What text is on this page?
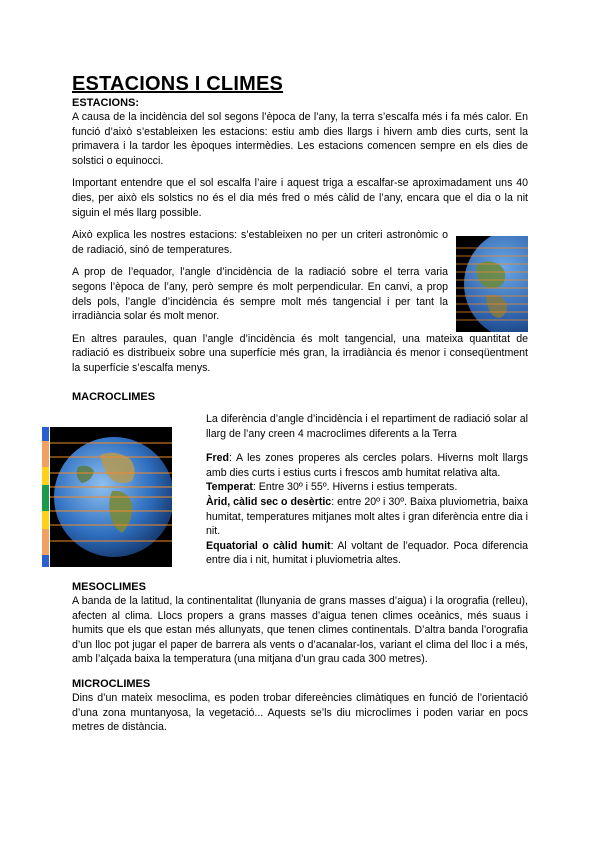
ESTACIONS I CLIMES
ESTACIONS:

A causa de la incidència del sol segons l’època de l’any, la terra s’escalfa més i fa més calor. En funció d’això s’estableixen les estacions: estiu amb dies llargs i hivern amb dies curts, sent la primavera i la tardor les èpoques intermèdies. Les estacions comencen sempre en els dies de solstici o equinocci.

Important entendre que el sol escalfa l’aire i aquest triga a escalfar-se aproximadament uns 40 dies, per això els solstics no és el dia més fred o més càlid de l’any, encara que el dia o la nit siguin el més llarg possible.

Això explica les nostres estacions: s’estableixen no per un criteri astronòmic o de radiació, sinó de temperatures.

A prop de l’equador, l’angle d’incidència de la radiació sobre el terra varia segons l’època de l’any, però sempre és molt perpendicular. En canvi, a prop dels pols, l’angle d’incidència és sempre molt més tangencial i per tant la irradiància solar és molt menor.

En altres paraules, quan l’angle d’incidència és molt tangencial, una mateixa quantitat de radiació es distribueix sobre una superfície més gran, la irradiància és menor i conseqüentment la superfície s’escalfa menys.

MACROCLIMES

La diferència d’angle d’incidència i el repartiment de radiació solar al llarg de l’any creen 4 macroclimes diferents a la Terra

Fred: A les zones properes als cercles polars. Hiverns molt llargs amb dies curts i estius curts i frescos amb humitat relativa alta.

Temperat: Entre 30º i 55º. Hiverns i estius temperats.

Àrid, càlid sec o desèrtic: entre 20º i 30º. Baixa pluviometria, baixa humitat, temperatures mitjanes molt altes i gran diferència entre dia i nit.

Equatorial o càlid humit: Al voltant de l’equador. Poca diferencia entre dia i nit, humitat i pluviometria altes.

MESOCLIMES

A banda de la latitud, la continentalitat (llunyania de grans masses d’aigua) i la orografia (relleu), afecten al clima. Llocs propers a grans masses d’aigua tenen climes oceànics, més suaus i humits que els que estan més allunyats, que tenen climes continentals. D’altra banda l’orografia d’un lloc pot jugar el paper de barrera als vents o d’acanalar-los, variant el clima del lloc i a més, amb l’alçada baixa la temperatura (una mitjana d’un grau cada 300 metres).

MICROCLIMES

Dins d’un mateix mesoclima, es poden trobar difereències climàtiques en funció de l’orientació d’una zona muntanyosa, la vegetació... Aquests se’ls diu microclimes i poden variar en pocs metres de distància.
